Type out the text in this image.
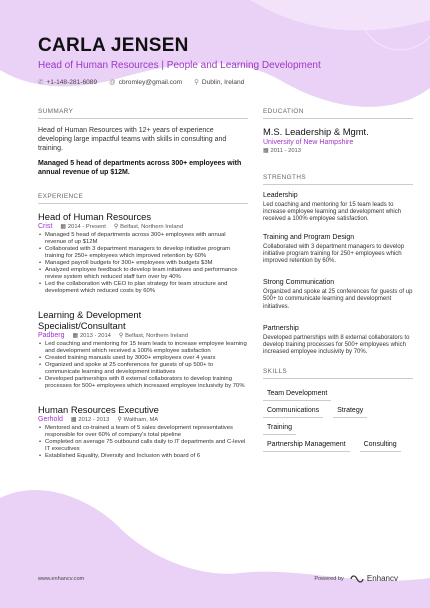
CARLA JENSEN
Head of Human Resources | People and Learning Development
✆ +1-148-281-6089 @ cbromley@gmail.com ⚲ Dublin, Ireland
SUMMARY

Head of Human Resources with 12+ years of experience developing large impactful teams with skills in consulting and training.

Managed 5 head of departments across 300+ employees with annual revenue of up $12M.

EXPERIENCE
Head of Human Resources
Crist ▦ 2014 - Present ⚲ Belfast, Northern Ireland
• Managed 5 head of departments across 300+ employees with annual revenue of up $12M
• Collaborated with 3 department managers to develop initiative program training for 250+ employees which improved retention by 60%
• Managed payroll budgets for 300+ employees with budgets $3M
• Analyzed employee feedback to develop team initiatives and performance review system which reduced staff turn over by 40%
• Led the collaboration with CEO to plan strategy for team structure and development which reduced costs by 60%
Learning & Development Specialist/Consultant
Padberg ▦ 2013 - 2014 ⚲ Belfast, Northern Ireland
• Led coaching and mentoring for 15 team leads to increase employee learning and development which received a 100% employee satisfaction
• Created training manuals used by 3000+ employees over 4 years
• Organized and spoke at 25 conferences for guests of up 500+ to communicate learning and development initiatives
• Developed partnerships with 8 external collaborators to develop training processes for 500+ employees which increased employee inclusivity by 70%
Human Resources Executive
Gerhold ▦ 2012 - 2013 ⚲ Waltham, MA
• Mentored and co-trained a team of 5 sales development representatives responsible for over 60% of company's total pipeline
• Completed on average 75 outbound calls daily to IT departments and C-level IT executives
• Established Equality, Diversity and Inclusion with board of 6
EDUCATION
M.S. Leadership & Mgmt.
University of New Hampshire
▦ 2011 - 2013
STRENGTHS
Leadership

Led coaching and mentoring for 15 team leads to increase employee learning and development which received a 100% employee satisfaction.

Training and Program Design

Collaborated with 3 department managers to develop initiative program training for 250+ employees which improved retention by 60%.

Strong Communication

Organized and spoke at 25 conferences for guests of up 500+ to communicate learning and development initiatives.

Partnership

Developed partnerships with 8 external collaborators to develop training processes for 500+ employees which increased employee inclusivity by 70%.

SKILLS
Team Development
Communications	Strategy
Training
Partnership Management	Consulting
www.enhancv.com	Powered by	Enhancv
